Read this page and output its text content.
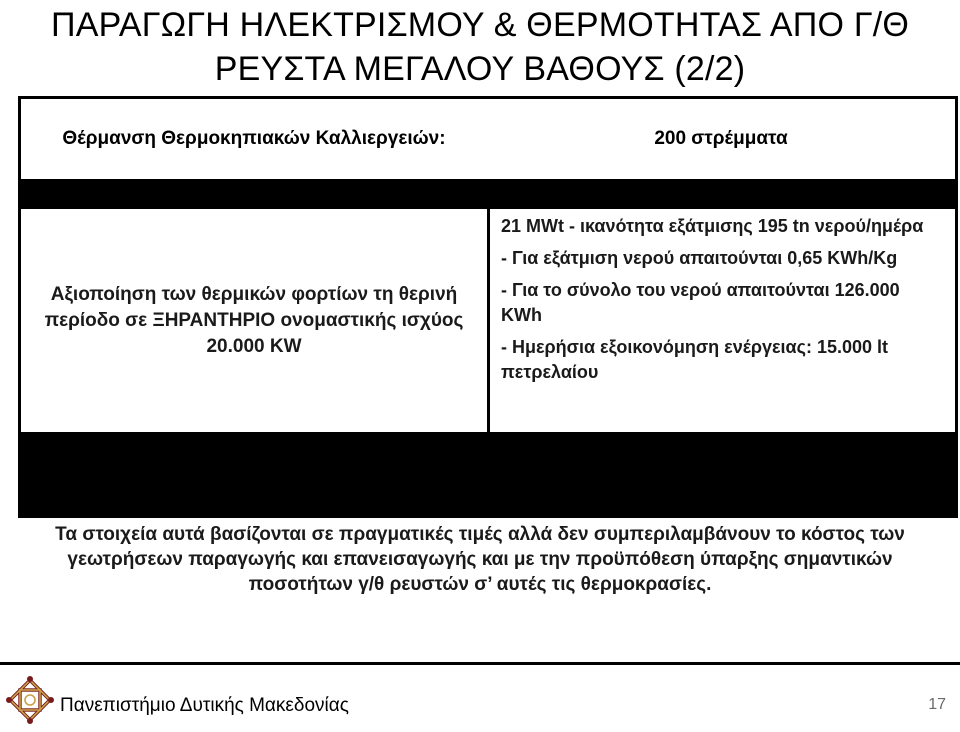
ΠΑΡΑΓΩΓΗ ΗΛΕΚΤΡΙΣΜΟΥ & ΘΕΡΜΟΤΗΤΑΣ ΑΠΟ Γ/Θ
ΡΕΥΣΤΑ ΜΕΓΑΛΟΥ ΒΑΘΟΥΣ (2/2)
Θέρμανση Θερμοκηπιακών Καλλιεργειών:	200 στρέμματα
Αξιοποίηση των θερμικών φορτίων τη θερινή περίοδο σε ΞΗΡΑΝΤΗΡΙΟ ονομαστικής ισχύος 20.000 KW

21 MWt - ικανότητα εξάτμισης 195 tn νερού/ημέρα

- Για εξάτμιση νερού απαιτούνται 0,65 KWh/Kg

- Για το σύνολο του νερού απαιτούνται 126.000 KWh

- Ημερήσια εξοικονόμηση ενέργειας: 15.000 lt πετρελαίου

Τα στοιχεία αυτά βασίζονται σε πραγματικές τιμές αλλά δεν συμπεριλαμβάνουν το κόστος των γεωτρήσεων παραγωγής και επανεισαγωγής και με την προϋπόθεση ύπαρξης σημαντικών ποσοτήτων γ/θ ρευστών σ’ αυτές τις θερμοκρασίες.
Πανεπιστήμιο Δυτικής Μακεδονίας	17
